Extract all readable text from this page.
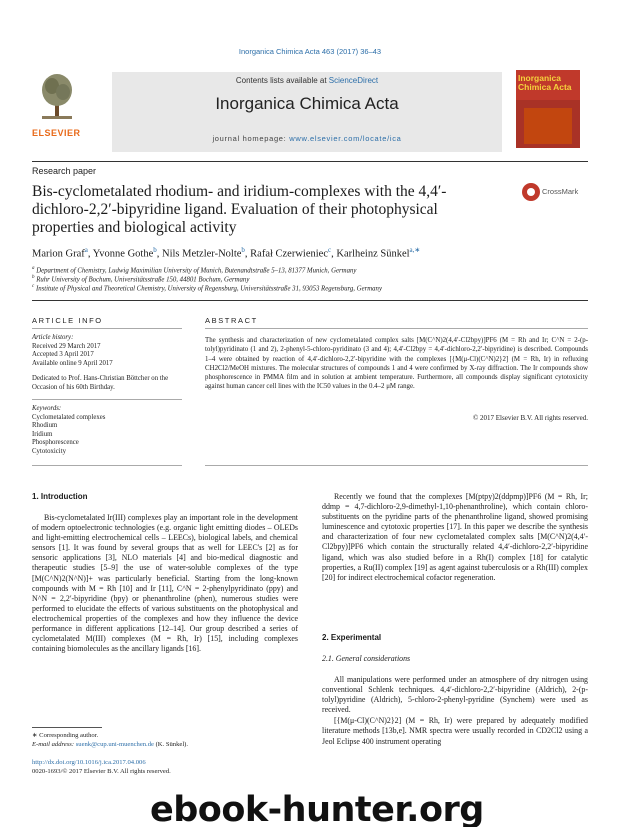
Inorganica Chimica Acta 463 (2017) 36–43
ELSEVIER
Contents lists available at ScienceDirect
Inorganica Chimica Acta
journal homepage: www.elsevier.com/locate/ica
Inorganica Chimica Acta
Research paper
Bis-cyclometalated rhodium- and iridium-complexes with the 4,4′-dichloro-2,2′-bipyridine ligand. Evaluation of their photophysical properties and biological activity
CrossMark
Marion Graf$^a$, Yvonne Gothe$^b$, Nils Metzler-Nolte$^b$, Rafał Czerwieniec$^c$, Karlheinz Sünkel$^{a,∗}$
$^a$ Department of Chemistry, Ludwig Maximilian University of Munich, Butenandtstraße 5–13, 81377 Munich, Germany
$^b$ Ruhr University of Bochum, Universitätsstraße 150, 44801 Bochum, Germany
$^c$ Institute of Physical and Theoretical Chemistry, University of Regensburg, Universitätsstraße 31, 93053 Regensburg, Germany
ARTICLE INFO
Article history:
Received 29 March 2017
Accepted 3 April 2017
Available online 9 April 2017
Dedicated to Prof. Hans-Christian Böttcher on the Occasion of his 60th Birthday.
Keywords:
Cyclometalated complexes
Rhodium
Iridium
Phosphorescence
Cytotoxicity
ABSTRACT
The synthesis and characterization of new cyclometalated complex salts [M(C^N)2(4,4′-Cl2bpy)]PF6 (M = Rh and Ir; C^N = 2-(p-tolyl)pyridinato (1 and 2), 2-phenyl-5-chloro-pyridinato (3 and 4); 4,4′-Cl2bpy = 4,4′-dichloro-2,2′-bipyridine) is described. Compounds 1–4 were obtained by reaction of 4,4′-dichloro-2,2′-bipyridine with the complexes [{M(μ-Cl)(C^N)2}2] (M = Rh, Ir) in refluxing CH2Cl2/MeOH mixtures. The molecular structures of compounds 1 and 4 were confirmed by X-ray diffraction. The Ir compounds show phosphorescence in PMMA film and in solution at ambient temperature. Furthermore, all compounds display significant cytotoxicity against human cancer cell lines with the IC50 values in the 0.4–2 μM range.
© 2017 Elsevier B.V. All rights reserved.
1. Introduction

Bis-cyclometalated Ir(III) complexes play an important role in the development of modern optoelectronic technologies (e.g. organic light emitting diodes – OLEDs and light-emitting electrochemical cells – LEECs), biological labels, and chemical sensors [1]. It was found by several groups that as well for LEEC's [2] as for sensoric applications [3], NLO materials [4] and bio-medical diagnostic and therapeutic studies [5–9] the use of water-soluble complexes of the type [M(C^N)2(N^N)]+ was particularly beneficial. Starting from the long-known compounds with M = Rh [10] and Ir [11], C^N = 2-phenylpyridinato (ppy) and N^N = 2,2′-bipyridine (bpy) or phenanthroline (phen), numerous studies were performed to elucidate the effects of various substituents on the photophysical and electrochemical properties of the complexes and how they influence the device performance in different applications [12–14]. Our group described a series of cyclometalated M(III) complexes (M = Rh, Ir) [15], including complexes containing biomolecules as the ancillary ligands [16].

Recently we found that the complexes [M(ptpy)2(ddpmp)]PF6 (M = Rh, Ir; ddmp = 4,7-dichloro-2,9-dimethyl-1,10-phenanthroline), which contain chloro-substituents on the pyridine parts of the phenanthroline ligand, showed promising luminescence and cytotoxic properties [17]. In this paper we describe the synthesis and characterization of four new cyclometalated complex salts [M(C^N)2(4,4′-Cl2bpy)]PF6 which contain the structurally related 4,4′-dichloro-2,2′-bipyridine ligand, which was also studied before in a Rh(I) complex [18] for catalytic properties, a Ru(II) complex [19] as agent against tuberculosis or a Rh(III) complex [20] for indirect electrochemical cofactor regeneration.

2. Experimental
2.1. General considerations

All manipulations were performed under an atmosphere of dry nitrogen using conventional Schlenk techniques. 4,4′-dichloro-2,2′-bipyridine (Aldrich), 2-(p-tolyl)pyridine (Aldrich), 5-chloro-2-phenyl-pyridine (Synchem) were used as received.

[{M(μ-Cl)(C^N)2}2] (M = Rh, Ir) were prepared by adequately modified literature methods [13b,e]. NMR spectra were usually recorded in CD2Cl2 using a Jeol Eclipse 400 instrument operating

∗ Corresponding author.
E-mail address: suenk@cup.uni-muenchen.de (K. Sünkel).
http://dx.doi.org/10.1016/j.ica.2017.04.006
0020-1693/© 2017 Elsevier B.V. All rights reserved.
ebook-hunter.org
